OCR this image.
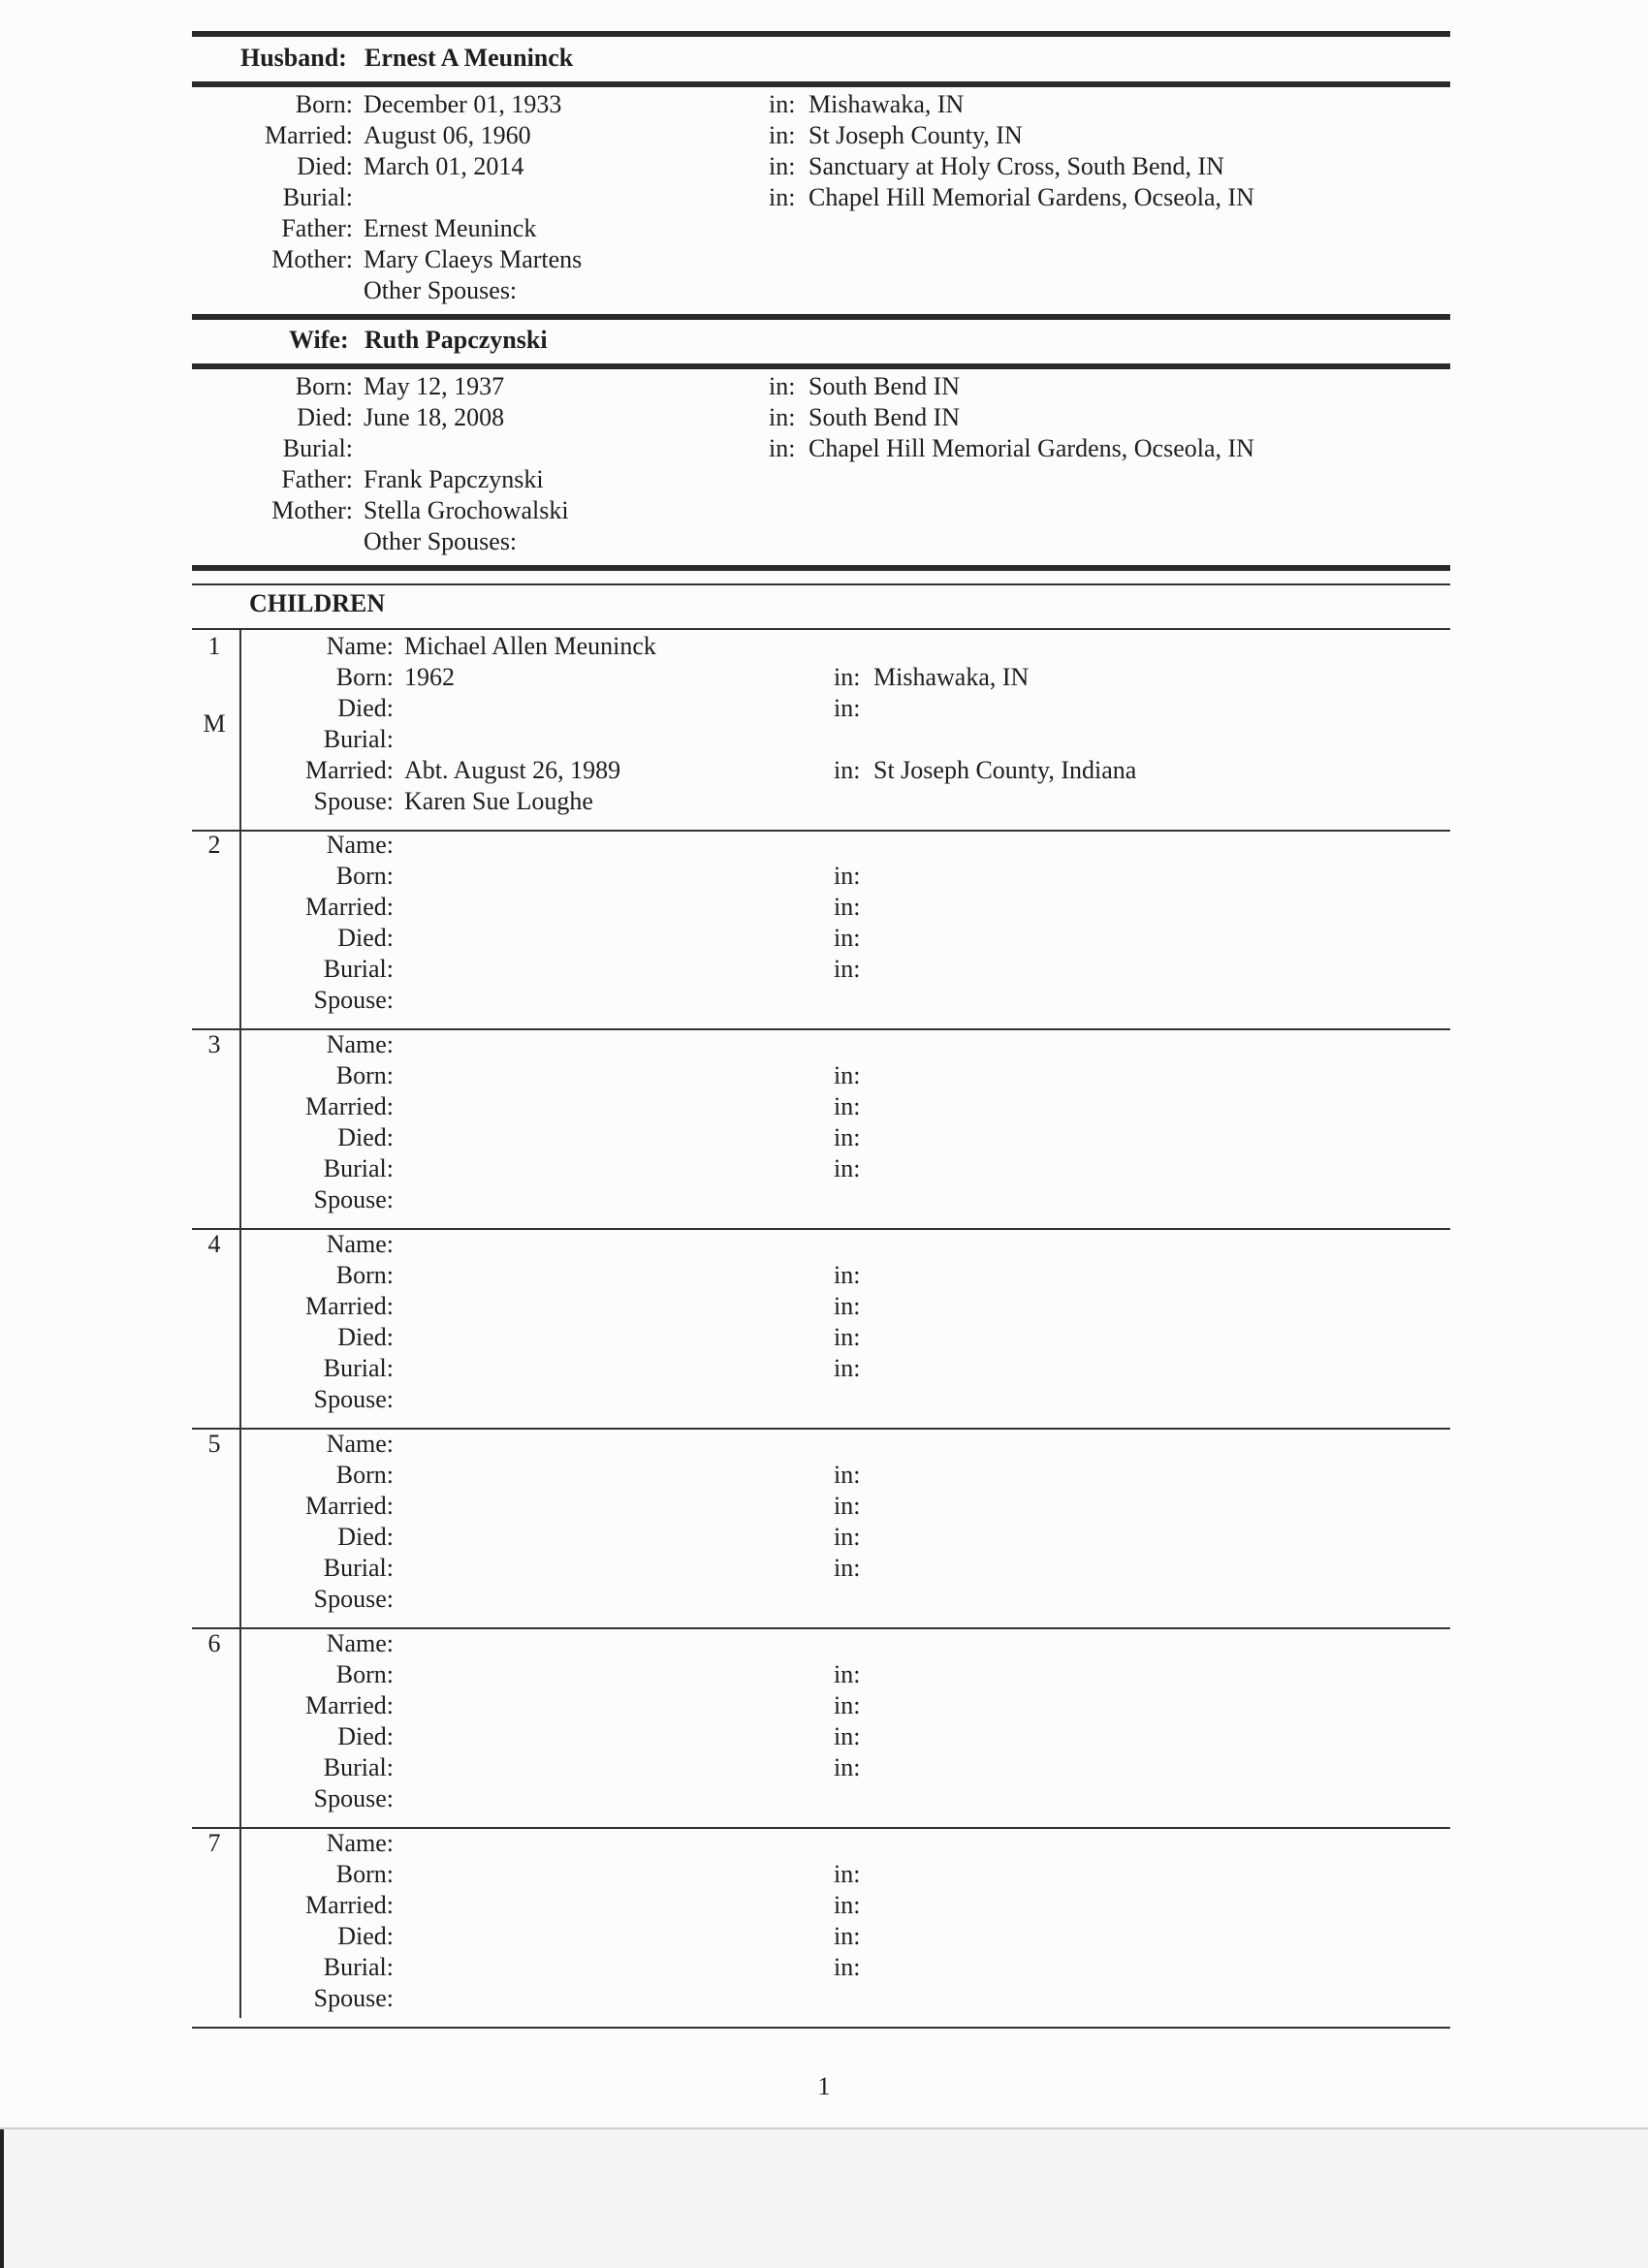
Husband: Ernest A Meuninck
Born: December 01, 1933	in: Mishawaka, IN
Married: August 06, 1960	in: St Joseph County, IN
Died: March 01, 2014	in: Sanctuary at Holy Cross, South Bend, IN
Burial:	in: Chapel Hill Memorial Gardens, Ocseola, IN
Father: Ernest Meuninck
Mother: Mary Claeys Martens
Other Spouses:
Wife: Ruth Papczynski
Born: May 12, 1937	in: South Bend IN
Died: June 18, 2008	in: South Bend IN
Burial:	in: Chapel Hill Memorial Gardens, Ocseola, IN
Father: Frank Papczynski
Mother: Stella Grochowalski
Other Spouses:
CHILDREN
1
M
Name: Michael Allen Meuninck
Born: 1962	in: Mishawaka, IN
Died:	in:
Burial:
Married: Abt. August 26, 1989	in: St Joseph County, Indiana
Spouse: Karen Sue Loughe
2	Name:
Born:	in:
Married:	in:
Died:	in:
Burial:	in:
Spouse:
3	Name:
Born:	in:
Married:	in:
Died:	in:
Burial:	in:
Spouse:
4	Name:
Born:	in:
Married:	in:
Died:	in:
Burial:	in:
Spouse:
5	Name:
Born:	in:
Married:	in:
Died:	in:
Burial:	in:
Spouse:
6	Name:
Born:	in:
Married:	in:
Died:	in:
Burial:	in:
Spouse:
7	Name:
Born:	in:
Married:	in:
Died:	in:
Burial:	in:
Spouse:
1
